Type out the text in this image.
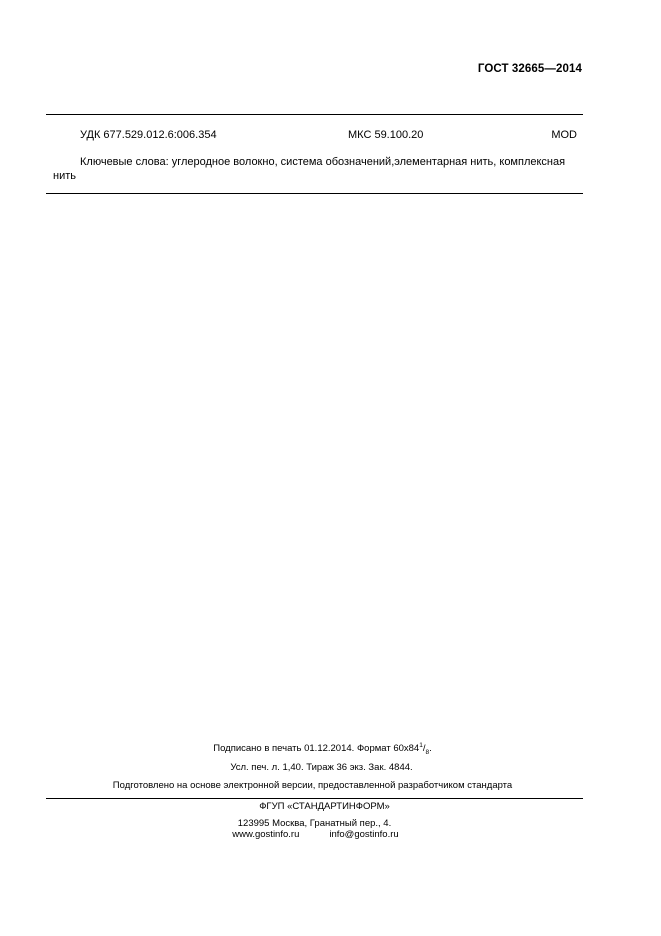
ГОСТ 32665—2014
УДК 677.529.012.6:006.354	МКС 59.100.20	MOD
Ключевые слова: углеродное волокно, система обозначений,элементарная нить, комплексная
нить
Подписано в печать 01.12.2014. Формат $60x84^1/_8$.
Усл. печ. л. 1,40. Тираж 36 экз. Зак. 4844.
Подготовлено на основе электронной версии, предоставленной разработчиком стандарта
ФГУП «СТАНДАРТИНФОРМ»
123995 Москва, Гранатный пер., 4.
www.gostinfo.ru	info@gostinfo.ru
